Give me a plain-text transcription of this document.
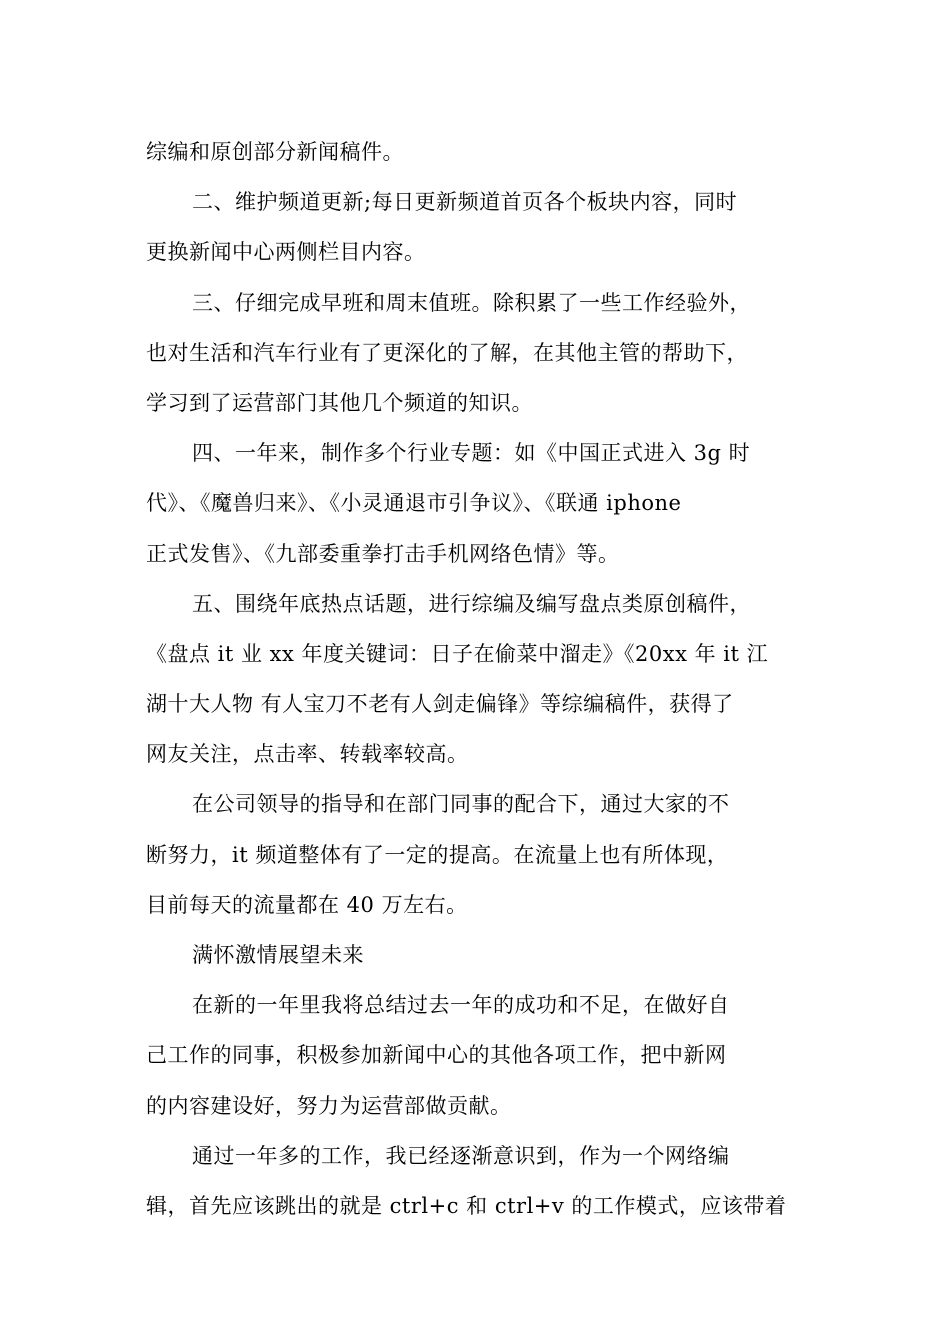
综编和原创部分新闻稿件。
二、维护频道更新;每日更新频道首页各个板块内容，同时
更换新闻中心两侧栏目内容。
三、仔细完成早班和周末值班。除积累了一些工作经验外，
也对生活和汽车行业有了更深化的了解，在其他主管的帮助下，
学习到了运营部门其他几个频道的知识。
四、一年来，制作多个行业专题：如《中国正式进入 3g 时
代》、《魔兽归来》、《小灵通退市引争议》、《联通 iphone
正式发售》、《九部委重拳打击手机网络色情》等。
五、围绕年底热点话题，进行综编及编写盘点类原创稿件，
《盘点 it 业 xx 年度关键词：日子在偷菜中溜走》《20xx 年 it 江
湖十大人物 有人宝刀不老有人剑走偏锋》等综编稿件，获得了
网友关注，点击率、转载率较高。
在公司领导的指导和在部门同事的配合下，通过大家的不
断努力，it 频道整体有了一定的提高。在流量上也有所体现，
目前每天的流量都在 40 万左右。
满怀激情展望未来
在新的一年里我将总结过去一年的成功和不足，在做好自
己工作的同事，积极参加新闻中心的其他各项工作，把中新网
的内容建设好，努力为运营部做贡献。
通过一年多的工作，我已经逐渐意识到，作为一个网络编
辑，首先应该跳出的就是 ctrl+c 和 ctrl+v 的工作模式，应该带着
